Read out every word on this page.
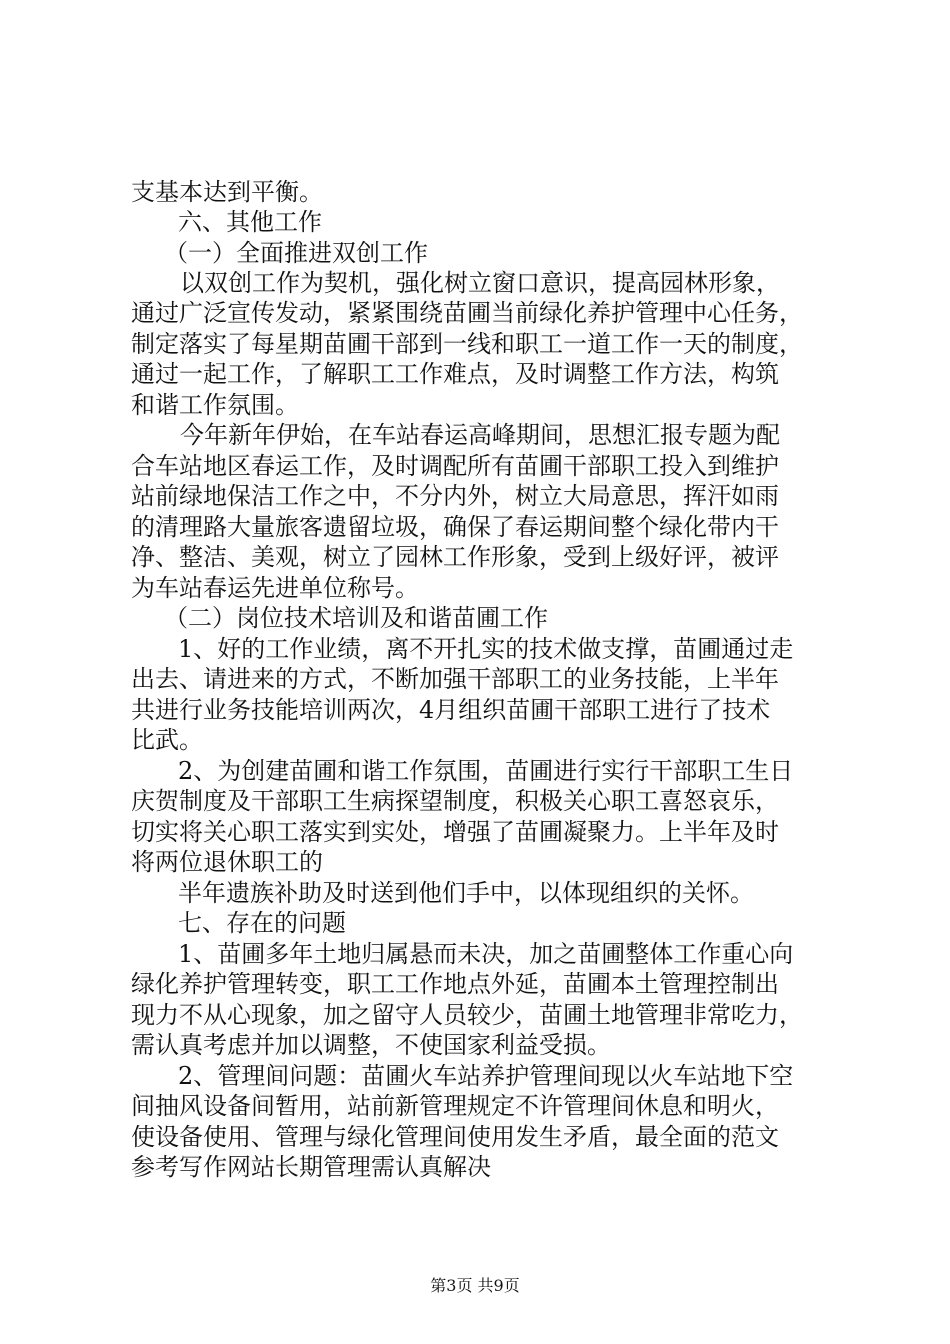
支基本达到平衡。
六、其他工作
（一）全面推进双创工作
以双创工作为契机，强化树立窗口意识，提高园林形象，
通过广泛宣传发动，紧紧围绕苗圃当前绿化养护管理中心任务，
制定落实了每星期苗圃干部到一线和职工一道工作一天的制度，
通过一起工作，了解职工工作难点，及时调整工作方法，构筑
和谐工作氛围。
今年新年伊始，在车站春运高峰期间，思想汇报专题为配
合车站地区春运工作，及时调配所有苗圃干部职工投入到维护
站前绿地保洁工作之中，不分内外，树立大局意思，挥汗如雨
的清理路大量旅客遗留垃圾，确保了春运期间整个绿化带内干
净、整洁、美观，树立了园林工作形象，受到上级好评，被评
为车站春运先进单位称号。
（二）岗位技术培训及和谐苗圃工作
1、好的工作业绩，离不开扎实的技术做支撑，苗圃通过走
出去、请进来的方式，不断加强干部职工的业务技能，上半年
共进行业务技能培训两次，4月组织苗圃干部职工进行了技术
比武。
2、为创建苗圃和谐工作氛围，苗圃进行实行干部职工生日
庆贺制度及干部职工生病探望制度，积极关心职工喜怒哀乐，
切实将关心职工落实到实处，增强了苗圃凝聚力。上半年及时
将两位退休职工的
半年遗族补助及时送到他们手中，以体现组织的关怀。
七、存在的问题
1、苗圃多年土地归属悬而未决，加之苗圃整体工作重心向
绿化养护管理转变，职工工作地点外延，苗圃本土管理控制出
现力不从心现象，加之留守人员较少，苗圃土地管理非常吃力，
需认真考虑并加以调整，不使国家利益受损。
2、管理间问题：苗圃火车站养护管理间现以火车站地下空
间抽风设备间暂用，站前新管理规定不许管理间休息和明火，
使设备使用、管理与绿化管理间使用发生矛盾，最全面的范文
参考写作网站长期管理需认真解决
第3页 共9页
